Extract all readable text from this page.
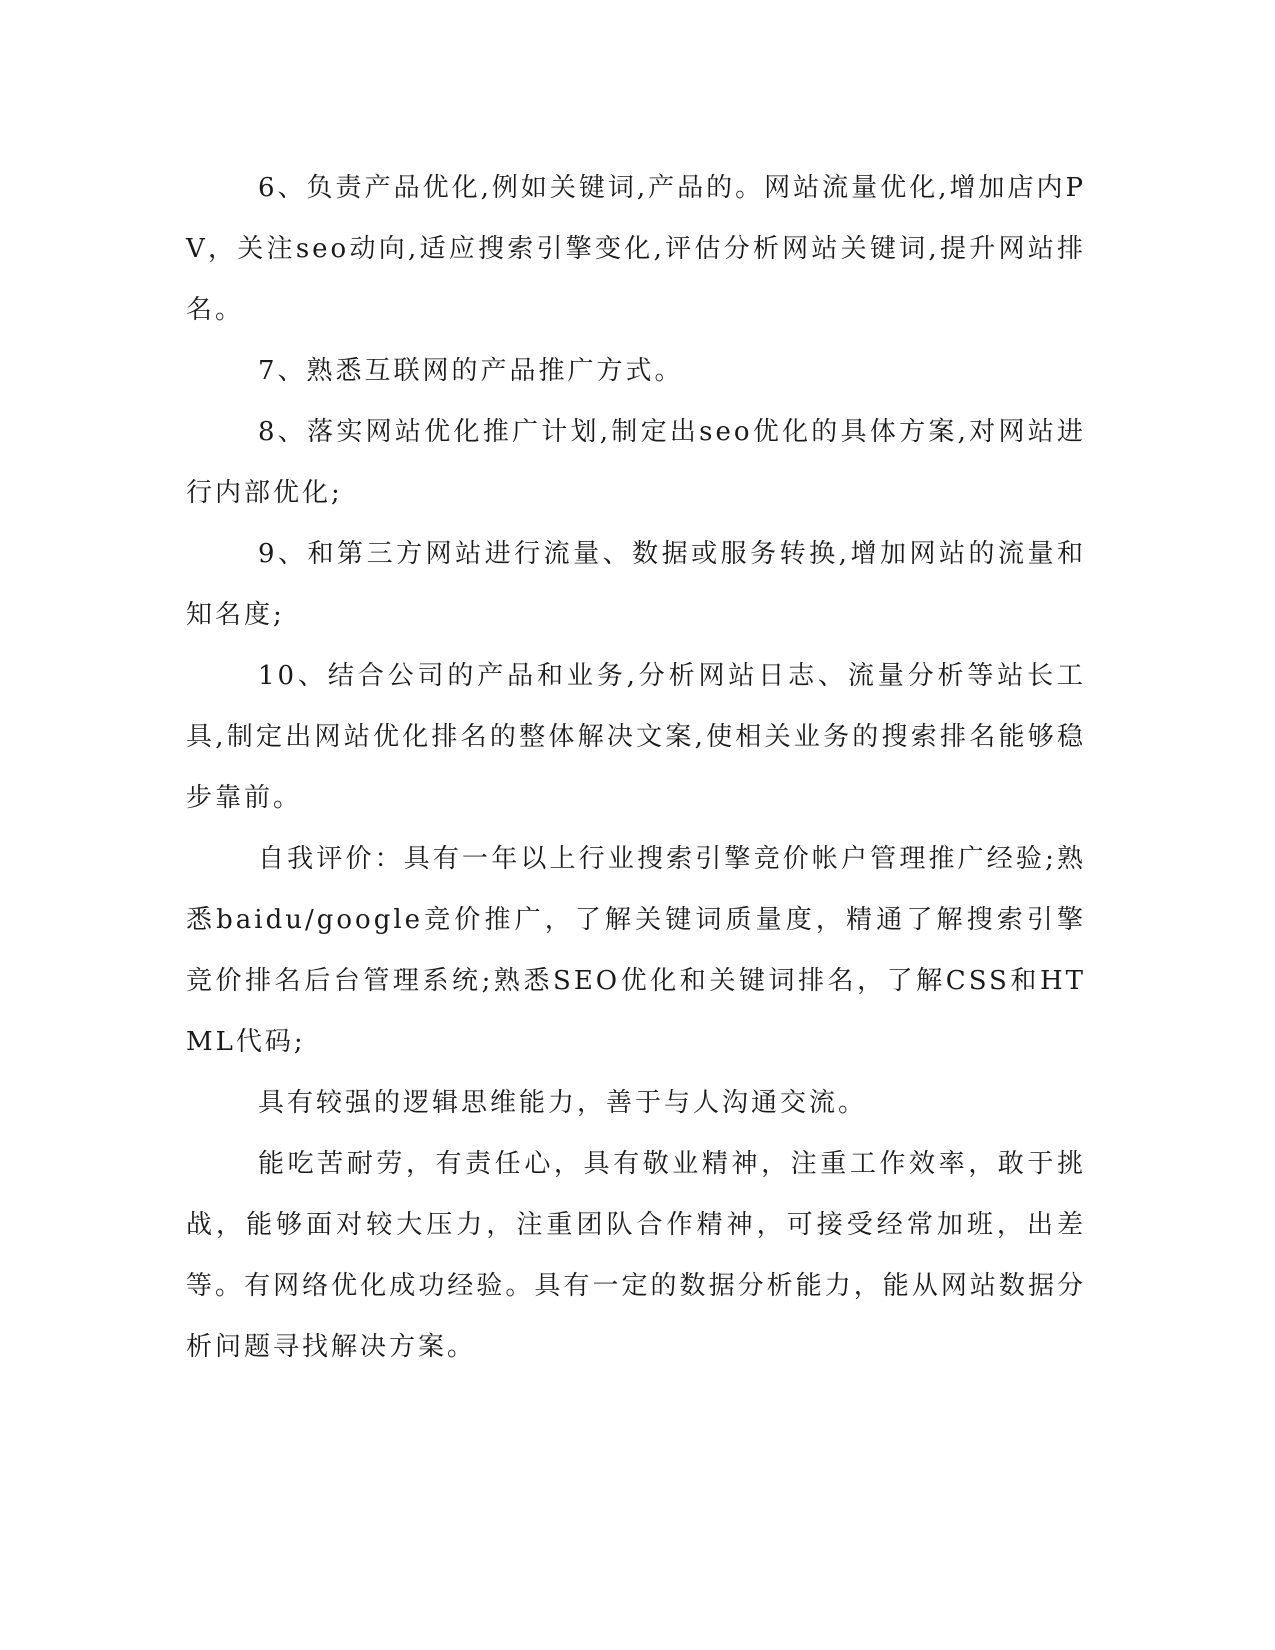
6、负责产品优化,例如关键词,产品的。网站流量优化,增加店内PV，关注seo动向,适应搜索引擎变化,评估分析网站关键词,提升网站排名。

7、熟悉互联网的产品推广方式。

8、落实网站优化推广计划,制定出seo优化的具体方案,对网站进行内部优化;

9、和第三方网站进行流量、数据或服务转换,增加网站的流量和知名度;

10、结合公司的产品和业务,分析网站日志、流量分析等站长工具,制定出网站优化排名的整体解决文案,使相关业务的搜索排名能够稳步靠前。

自我评价：具有一年以上行业搜索引擎竞价帐户管理推广经验;熟悉baidu/google竞价推广，了解关键词质量度，精通了解搜索引擎竞价排名后台管理系统;熟悉SEO优化和关键词排名，了解CSS和HTML代码;

具有较强的逻辑思维能力，善于与人沟通交流。

能吃苦耐劳，有责任心，具有敬业精神，注重工作效率，敢于挑战，能够面对较大压力，注重团队合作精神，可接受经常加班，出差等。有网络优化成功经验。具有一定的数据分析能力，能从网站数据分析问题寻找解决方案。
